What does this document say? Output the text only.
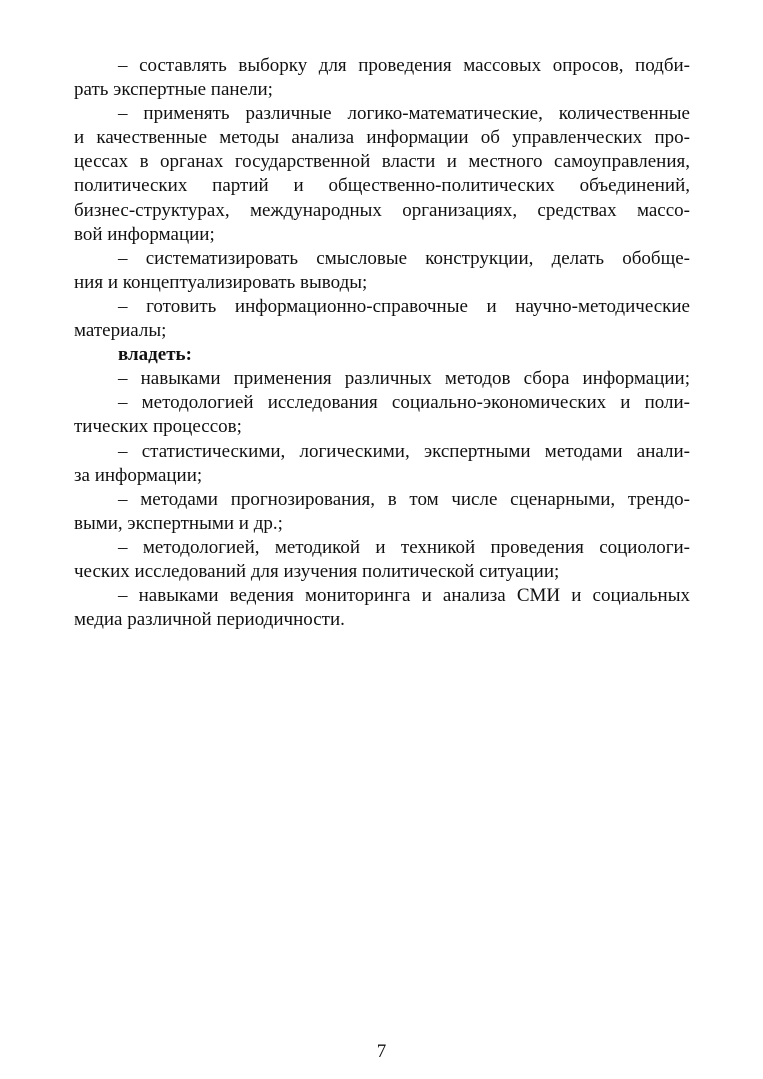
– составлять выборку для проведения массовых опросов, подби-
рать экспертные панели;
– применять различные логико-математические, количественные
и качественные методы анализа информации об управленческих про-
цессах в органах государственной власти и местного самоуправления,
политических партий и общественно-политических объединений,
бизнес-структурах, международных организациях, средствах массо-
вой информации;
– систематизировать смысловые конструкции, делать обобще-
ния и концептуализировать выводы;
– готовить информационно-справочные и научно-методические
материалы;
владеть:
– навыками применения различных методов сбора информации;
– методологией исследования социально-экономических и поли-
тических процессов;
– статистическими, логическими, экспертными методами анали-
за информации;
– методами прогнозирования, в том числе сценарными, трендо-
выми, экспертными и др.;
– методологией, методикой и техникой проведения социологи-
ческих исследований для изучения политической ситуации;
– навыками ведения мониторинга и анализа СМИ и социальных
медиа различной периодичности.
7
